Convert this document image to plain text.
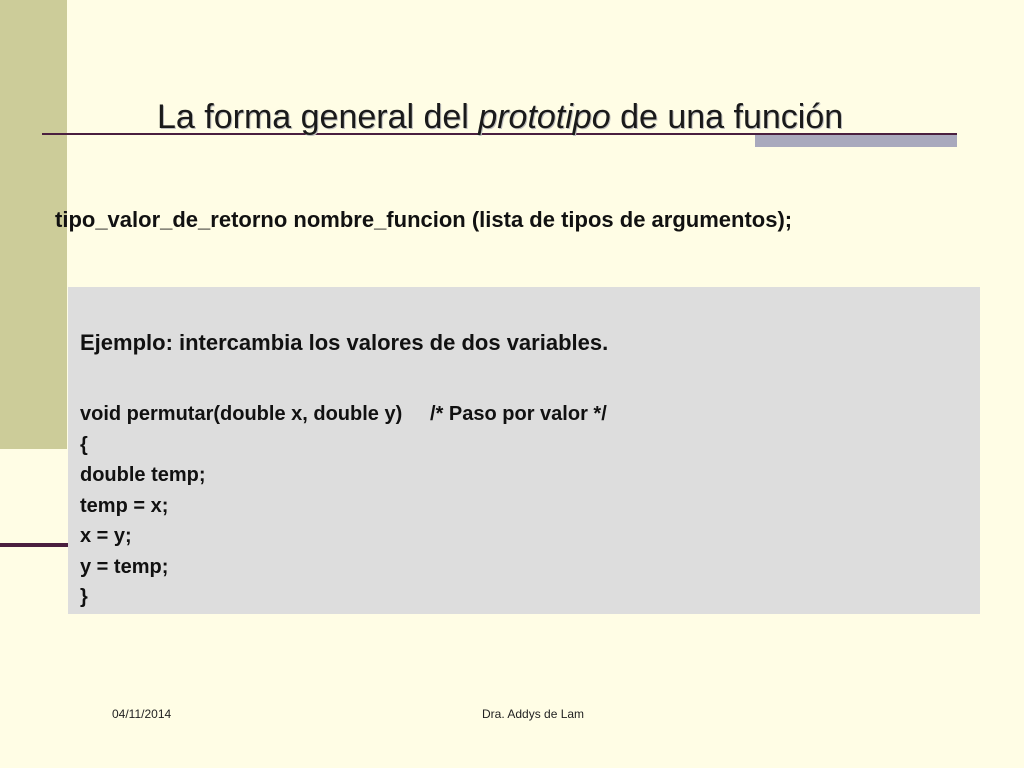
La forma general del prototipo de una función
tipo_valor_de_retorno nombre_funcion (lista de tipos de argumentos);
Ejemplo: intercambia los valores de dos variables.
void permutar(double x, double y)     /* Paso por valor */
{
double temp;
temp = x;
x = y;
y = temp;
}
04/11/2014	Dra. Addys de Lam
